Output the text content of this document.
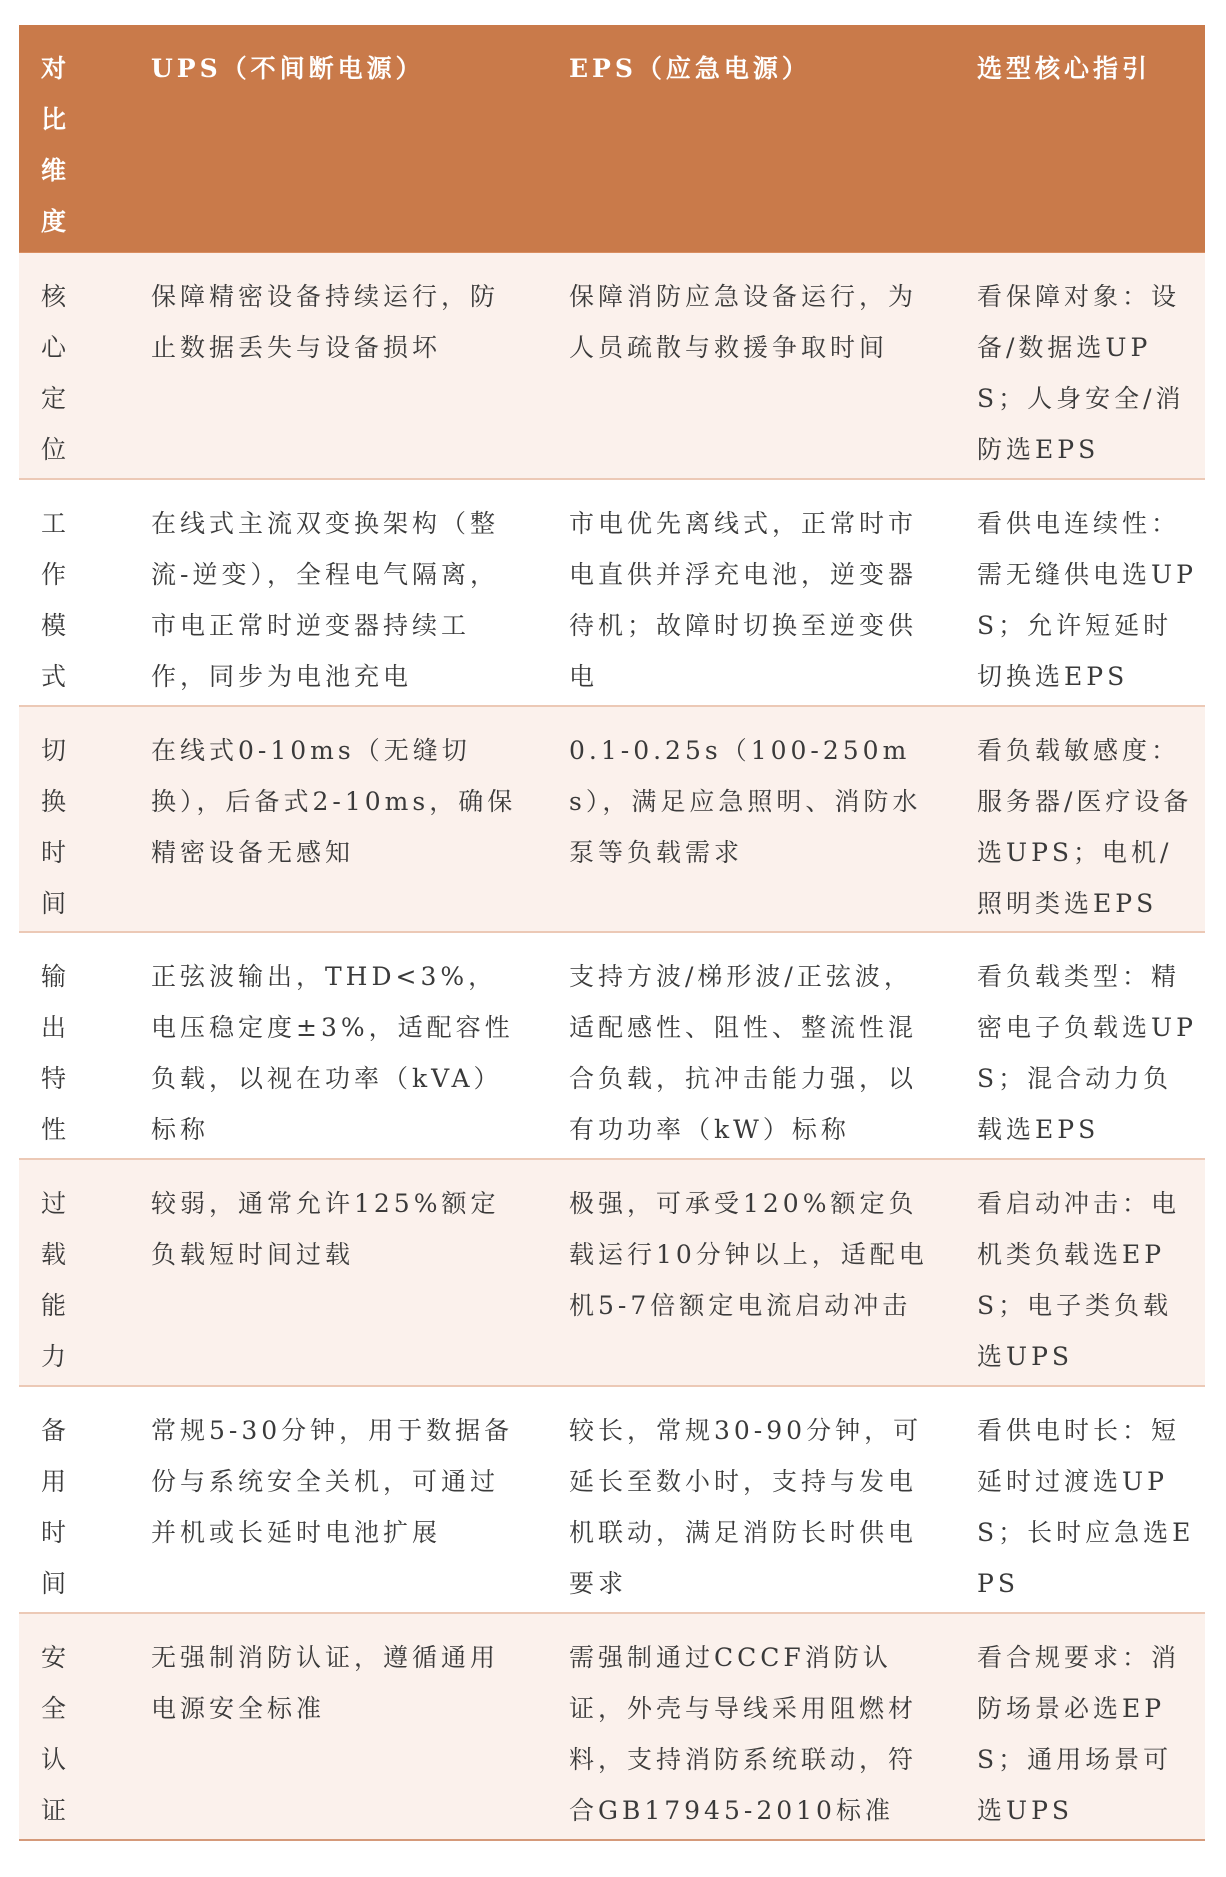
对比维度
UPS（不间断电源）	EPS（应急电源）	选型核心指引
核心定位
保障精密设备持续运行，防止数据丢失与设备损坏
保障消防应急设备运行，为人员疏散与救援争取时间
看保障对象：设备/数据选UPS；人身安全/消防选EPS
工作模式
在线式主流双变换架构（整流-逆变），全程电气隔离，市电正常时逆变器持续工作，同步为电池充电
市电优先离线式，正常时市电直供并浮充电池，逆变器待机；故障时切换至逆变供电
看供电连续性：需无缝供电选UPS；允许短延时切换选EPS
切换时间
在线式0-10ms（无缝切换），后备式2-10ms，确保精密设备无感知
0.1-0.25s（100-250ms），满足应急照明、消防水泵等负载需求
看负载敏感度：服务器/医疗设备选UPS；电机/照明类选EPS
输出特性
正弦波输出，THD<3%，电压稳定度±3%，适配容性负载，以视在功率（kVA）标称
支持方波/梯形波/正弦波，适配感性、阻性、整流性混合负载，抗冲击能力强，以有功功率（kW）标称
看负载类型：精密电子负载选UPS；混合动力负载选EPS
过载能力
较弱，通常允许125%额定负载短时间过载
极强，可承受120%额定负载运行10分钟以上，适配电机5-7倍额定电流启动冲击
看启动冲击：电机类负载选EPS；电子类负载选UPS
备用时间
常规5-30分钟，用于数据备份与系统安全关机，可通过并机或长延时电池扩展
较长，常规30-90分钟，可延长至数小时，支持与发电机联动，满足消防长时供电要求
看供电时长：短延时过渡选UPS；长时应急选EPS
安全认证
无强制消防认证，遵循通用电源安全标准
需强制通过CCCF消防认证，外壳与导线采用阻燃材料，支持消防系统联动，符合GB17945-2010标准
看合规要求：消防场景必选EPS；通用场景可选UPS
